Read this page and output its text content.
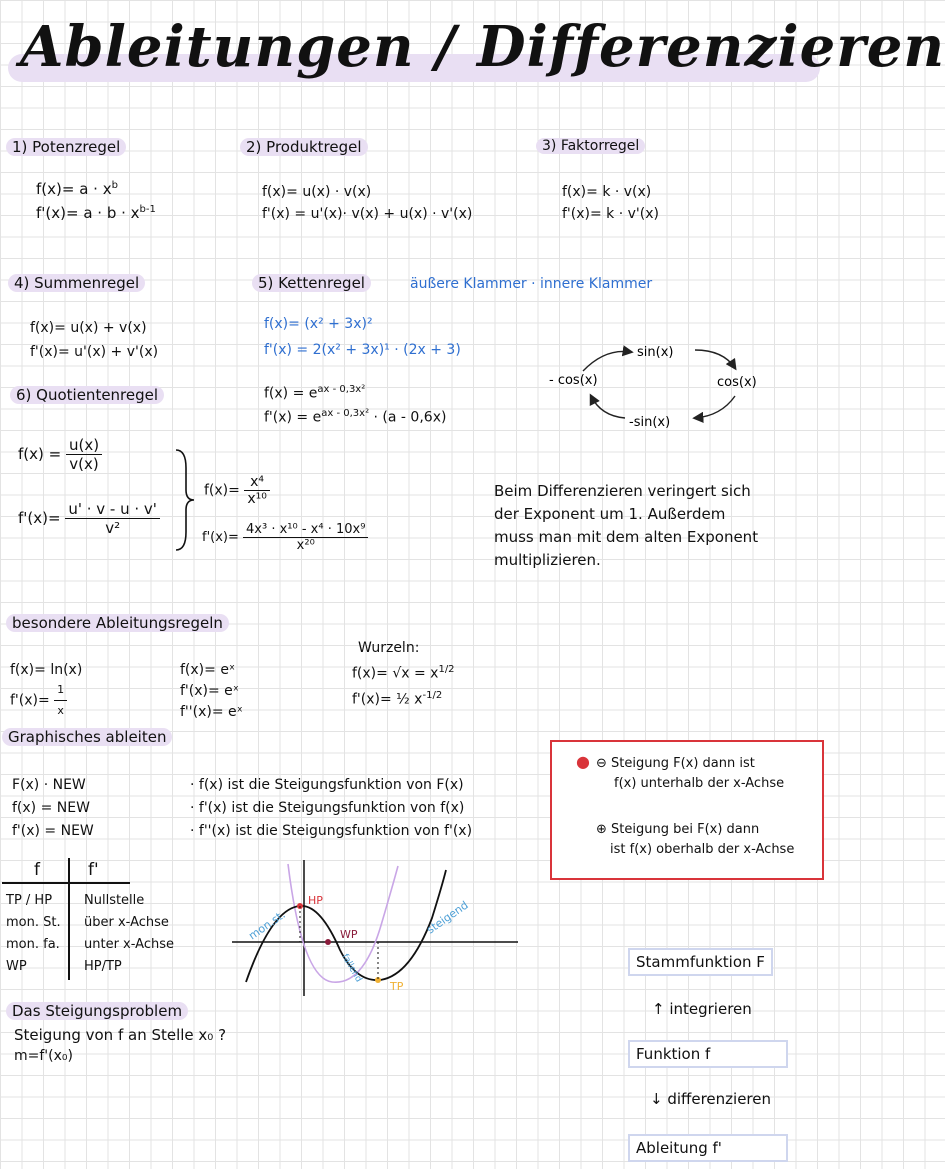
Ableitungen / Differenzieren
1) Potenzregel
$f(x)= a \cdot x^b$
$f'(x)= a \cdot b \cdot x^{b-1}$
2) Produktregel
f(x)= u(x) · v(x)
f'(x) = u'(x)· v(x) + u(x) · v'(x)
3) Faktorregel
f(x)= k · v(x)
f'(x)= k · v'(x)
4) Summenregel
f(x)= u(x) + v(x)
f'(x)= u'(x) + v'(x)
5) Kettenregel	äußere Klammer · innere Klammer
f(x)= (x² + 3x)²
f'(x) = 2(x² + 3x)¹ · (2x + 3)
$f(x) = e^{ax - 0,3x^2}$
$f'(x) = e^{ax - 0,3x^2} \cdot (a - 0,6x)$
sin(x)
cos(x)
-sin(x)
- cos(x)
6) Quotientenregel
$f(x) = \frac{u(x)}{v(x)}$
$f'(x)= \frac{u' \cdot v - u \cdot v'}{\text{v²}}$
$f(x)= \frac{\text{x⁴}}{\text{x¹⁰}}$
$f'(x)= \frac{\text{4x³ · x¹⁰ - x⁴ · 10x⁹}}{\text{x²⁰}}$
Beim Differenzieren veringert sich
der Exponent um 1. Außerdem
muss man mit dem alten Exponent
multiplizieren.
besondere Ableitungsregeln
f(x)= ln(x)
$f'(x)= \frac{1}{x}$
f(x)= eˣ
f'(x)= eˣ
f''(x)= eˣ
Wurzeln:
$f(x)= √x = x^{1/2}$
f'(x)= ½ $x^{-1/2}$
Graphisches ableiten
F(x) · NEW
f(x) = NEW
f'(x) = NEW
· f(x) ist die Steigungsfunktion von F(x)
· f'(x) ist die Steigungsfunktion von f(x)
· f''(x) ist die Steigungsfunktion von f'(x)
● ⊖ Steigung F(x) dann ist
f(x) unterhalb der x-Achse
⊕ Steigung bei F(x) dann
ist f(x) oberhalb der x-Achse
f	f'
TP / HP
mon. St.
mon. fa.
WP
Nullstelle
über x-Achse
unter x-Achse
HP/TP
HP
WP
TP
mon.st.
fallend
steigend
Das Steigungsproblem
Steigung von f an Stelle x₀ ?
m=f'(x₀)
Stammfunktion F
↑ integrieren
Funktion f
↓ differenzieren
Ableitung f'
